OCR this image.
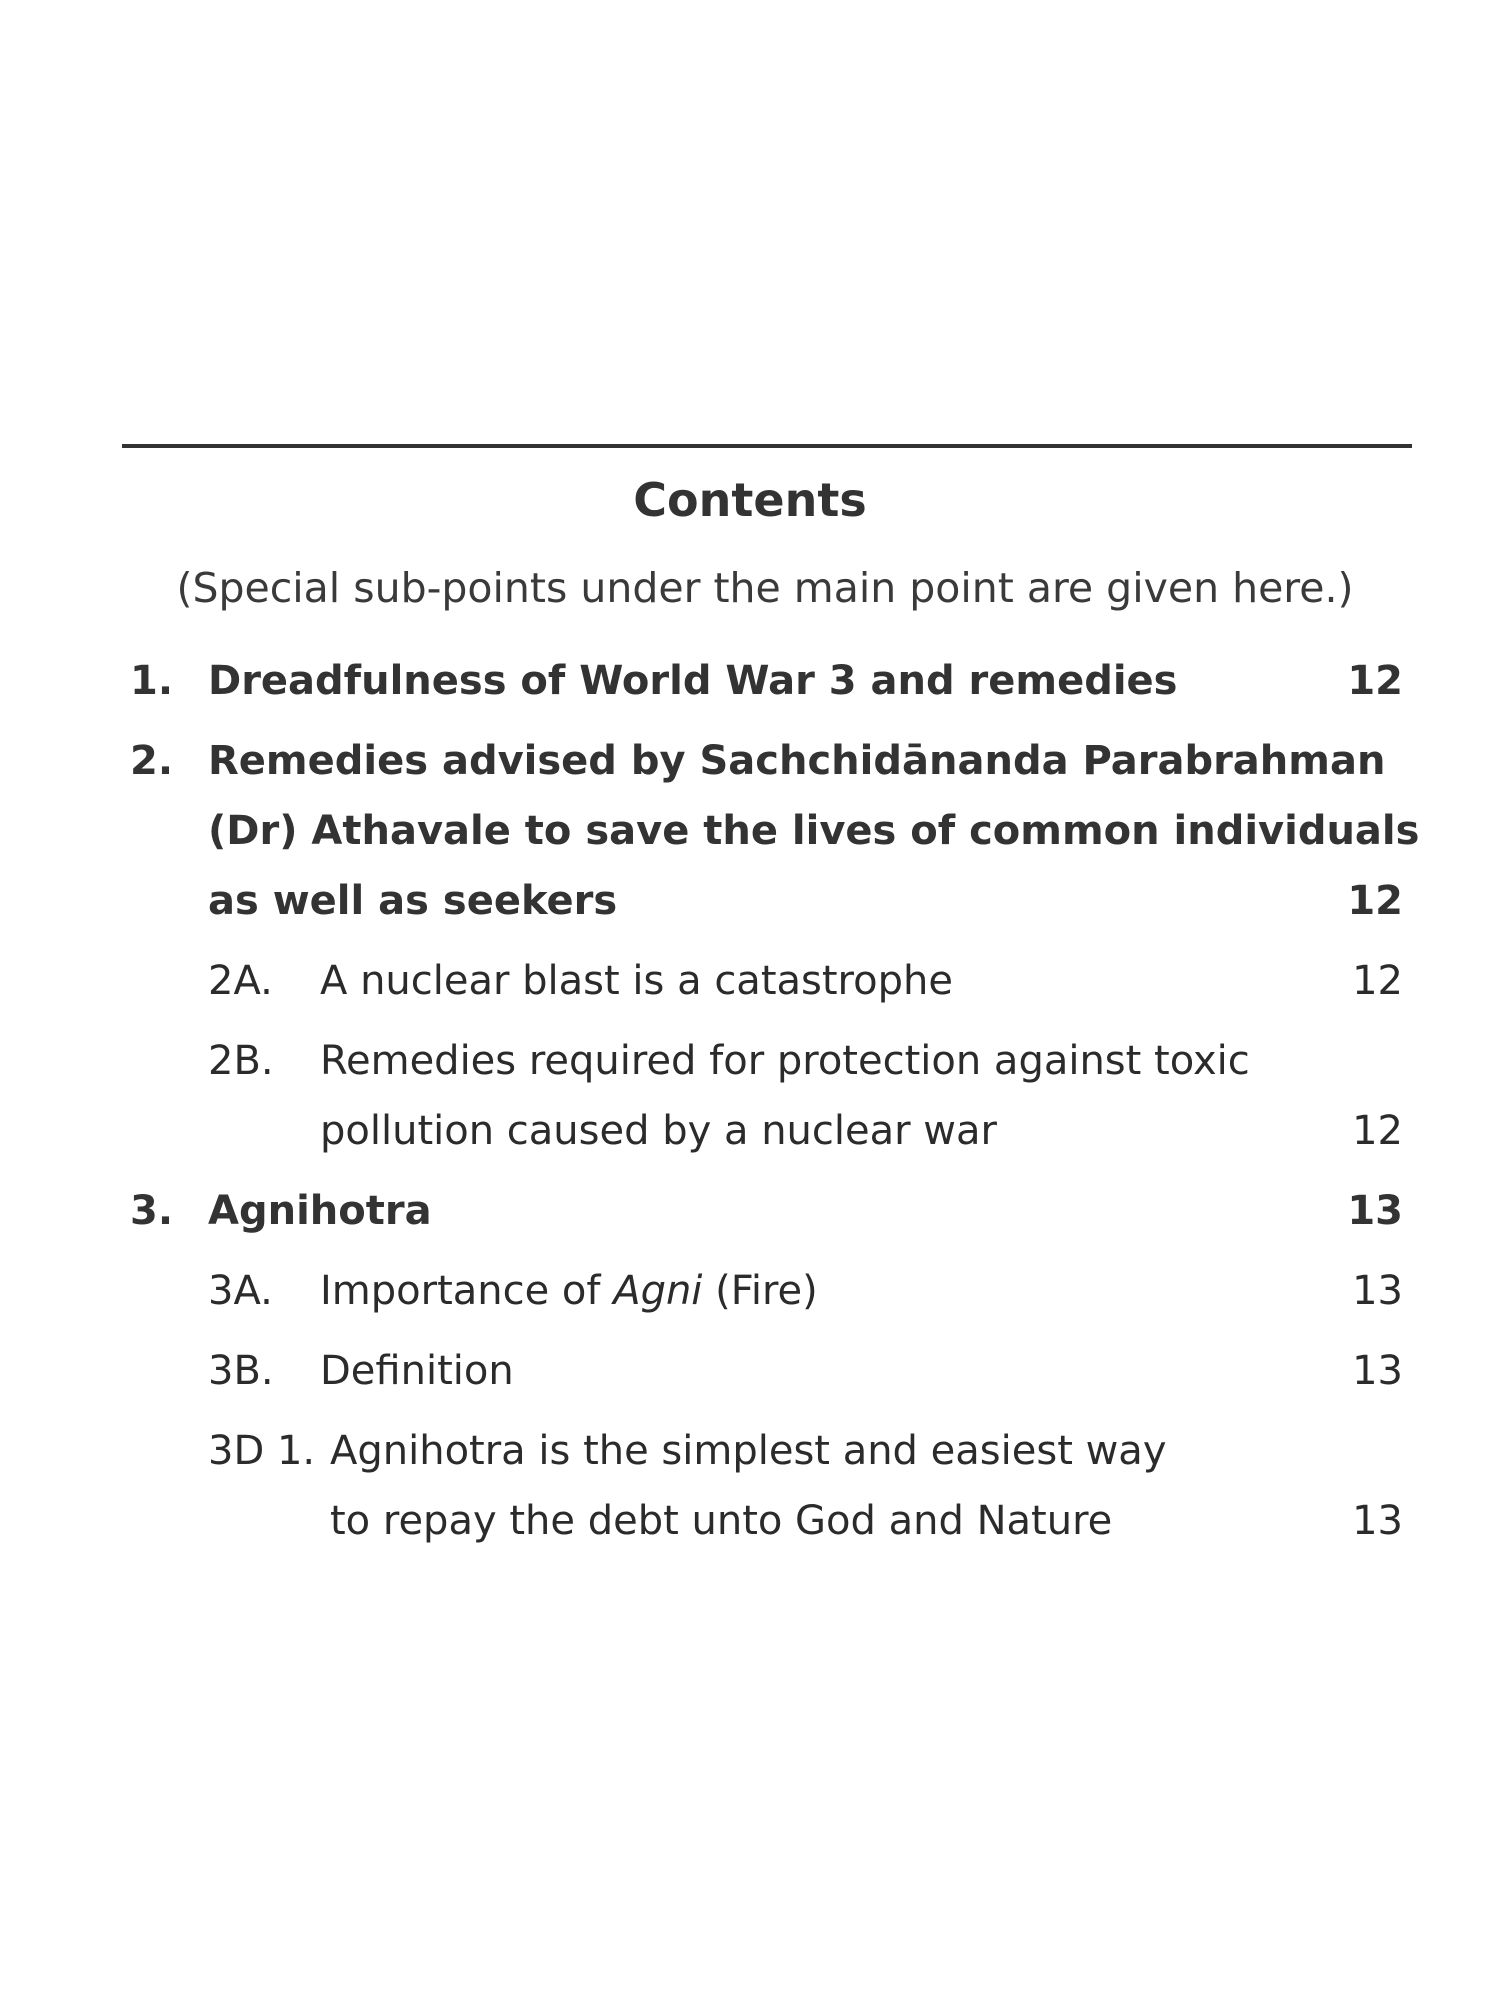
Contents
(Special sub-points under the main point are given here.)
1. Dreadfulness of World War 3 and remedies	12
2. Remedies advised by Sachchidānanda Parabrahman
(Dr) Athavale to save the lives of common individuals
as well as seekers	12
2A. A nuclear blast is a catastrophe	12
2B. Remedies required for protection against toxic
pollution caused by a nuclear war	12
3. Agnihotra	13
3A. Importance of Agni (Fire)	13
3B. Definition	13
3D 1. Agnihotra is the simplest and easiest way
to repay the debt unto God and Nature	13
